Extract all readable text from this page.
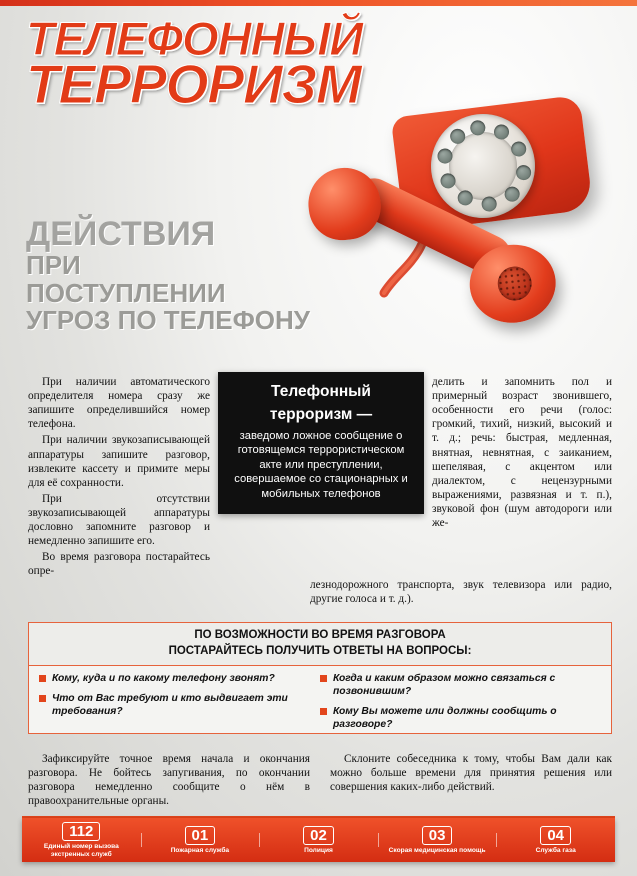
ТЕЛЕФОННЫЙ
ТЕРРОРИЗМ
ДЕЙСТВИЯ
ПРИ
ПОСТУПЛЕНИИ
УГРОЗ ПО ТЕЛЕФОНУ

При наличии автоматического определителя номера сразу же запишите определившийся номер телефона.

При наличии звукозаписывающей аппаратуры запишите разговор, извлеките кассету и примите меры для её сохранности.

При отсутствии звукозаписывающей аппаратуры дословно запомните разговор и немедленно запишите его.

Во время разговора постарайтесь опре-

делить и запомнить пол и примерный возраст звонившего, особенности его речи (голос: громкий, тихий, низкий, высокий и т. д.; речь: быстрая, медленная, внятная, невнятная, с заиканием, шепелявая, с акцентом или диалектом, с нецензурными выражениями, развязная и т. п.), звуковой фон (шум автодороги или же-

Телефонный
терроризм —
заведомо ложное сообщение о готовящемся террористическом акте или преступлении, совершаемое со стационарных и мобильных телефонов

лезнодорожного транспорта, звук телевизора или радио, другие голоса и т. д.).

ПО ВОЗМОЖНОСТИ ВО ВРЕМЯ РАЗГОВОРА
ПОСТАРАЙТЕСЬ ПОЛУЧИТЬ ОТВЕТЫ НА ВОПРОСЫ:
Кому, куда и по какому телефону звонят?
Что от Вас требуют и кто выдвигает эти требования?
Когда и каким образом можно связаться с позвонившим?
Кому Вы можете или должны сообщить о разговоре?

Зафиксируйте точное время начала и окончания разговора. Не бойтесь запугивания, по окончании разговора немедленно сообщите о нём в правоохранительные органы.

Склоните собеседника к тому, чтобы Вам дали как можно больше времени для принятия решения или совершения каких-либо действий.

112
Единый номер вызова экстренных служб
01
Пожарная служба
02
Полиция
03
Скорая медицинская помощь
04
Служба газа
